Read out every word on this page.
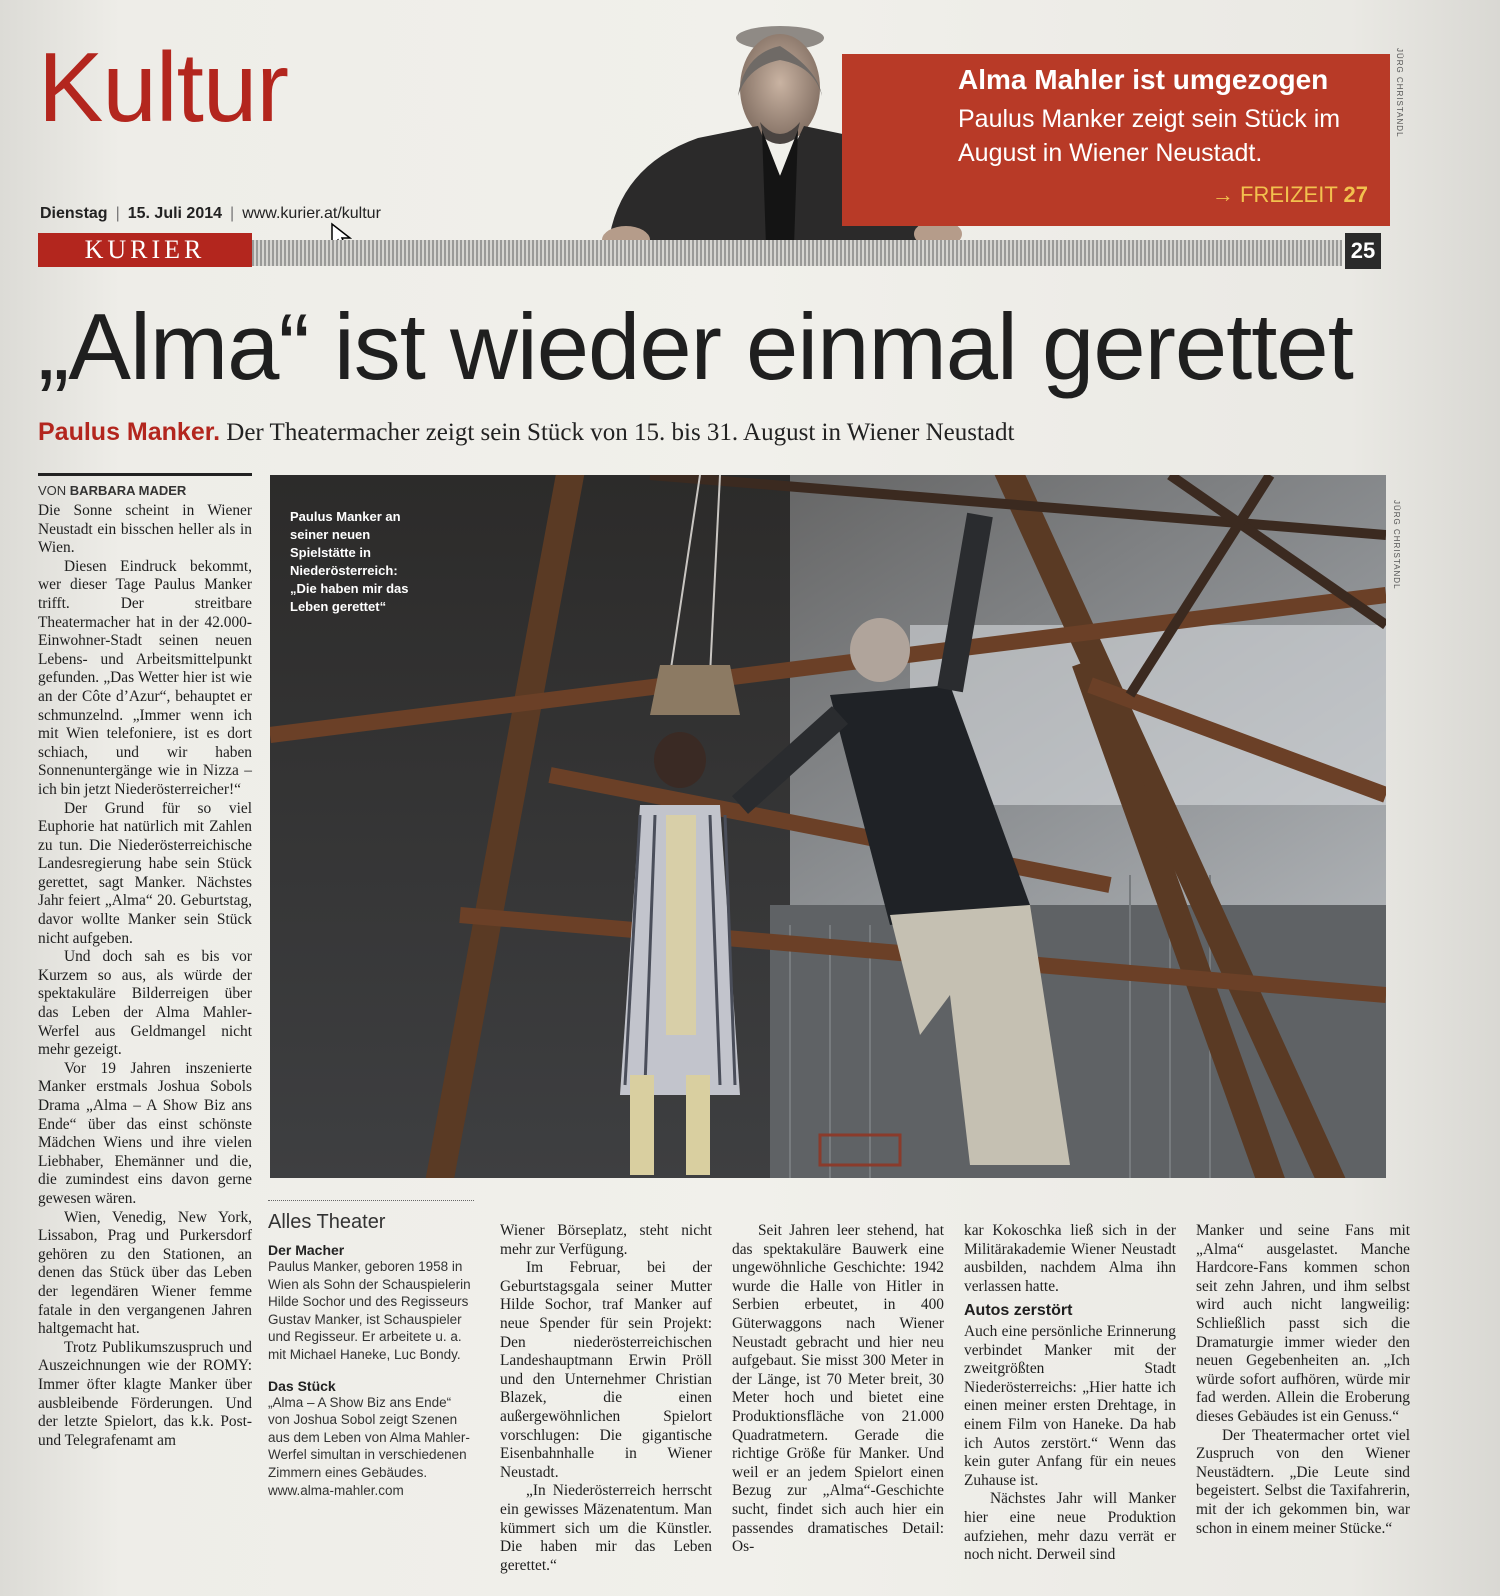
Kultur	Alma Mahler ist umgezogen
Paulus Manker zeigt sein Stück im August in Wiener Neustadt.
→ FREIZEIT 27
JÜRG CHRISTANDL
Dienstag | 15. Juli 2014 | www.kurier.at/kultur
KURIER	25
„Alma“ ist wieder einmal gerettet
Paulus Manker. Der Theatermacher zeigt sein Stück von 15. bis 31. August in Wiener Neustadt
VON BARBARA MADER

Die Sonne scheint in Wiener Neustadt ein bisschen heller als in Wien.

Diesen Eindruck bekommt, wer dieser Tage Paulus Manker trifft. Der streitbare Theatermacher hat in der 42.000-Einwohner-Stadt seinen neuen Lebens- und Arbeitsmittelpunkt gefunden. „Das Wetter hier ist wie an der Côte d’Azur“, behauptet er schmunzelnd. „Immer wenn ich mit Wien telefoniere, ist es dort schiach, und wir haben Sonnenuntergänge wie in Nizza – ich bin jetzt Niederösterreicher!“

Der Grund für so viel Euphorie hat natürlich mit Zahlen zu tun. Die Niederösterreichische Landesregierung habe sein Stück gerettet, sagt Manker. Nächstes Jahr feiert „Alma“ 20. Geburtstag, davor wollte Manker sein Stück nicht aufgeben.

Und doch sah es bis vor Kurzem so aus, als würde der spektakuläre Bilderreigen über das Leben der Alma Mahler-Werfel aus Geldmangel nicht mehr gezeigt.

Vor 19 Jahren inszenierte Manker erstmals Joshua Sobols Drama „Alma – A Show Biz ans Ende“ über das einst schönste Mädchen Wiens und ihre vielen Liebhaber, Ehemänner und die, die zumindest eins davon gerne gewesen wären.

Wien, Venedig, New York, Lissabon, Prag und Purkersdorf gehören zu den Stationen, an denen das Stück über das Leben der legendären Wiener femme fatale in den vergangenen Jahren haltgemacht hat.

Trotz Publikumszuspruch und Auszeichnungen wie der ROMY: Immer öfter klagte Manker über ausbleibende Förderungen. Und der letzte Spielort, das k.k. Post- und Telegrafenamt am

Paulus Manker an seiner neuen Spielstätte in Niederösterreich: „Die haben mir das Leben gerettet“
JÜRG CHRISTANDL
Alles Theater
Der Macher
Paulus Manker, geboren 1958 in Wien als Sohn der Schauspielerin Hilde Sochor und des Regisseurs Gustav Manker, ist Schauspieler und Regisseur. Er arbeitete u. a. mit Michael Haneke, Luc Bondy.
Das Stück
„Alma – A Show Biz ans Ende“ von Joshua Sobol zeigt Szenen aus dem Leben von Alma Mahler-Werfel simultan in verschiedenen Zimmern eines Gebäudes. www.alma-mahler.com

Wiener Börseplatz, steht nicht mehr zur Verfügung.

Im Februar, bei der Geburtstagsgala seiner Mutter Hilde Sochor, traf Manker auf neue Spender für sein Projekt: Den niederösterreichischen Landeshauptmann Erwin Pröll und den Unternehmer Christian Blazek, die einen außergewöhnlichen Spielort vorschlugen: Die gigantische Eisenbahnhalle in Wiener Neustadt.

„In Niederösterreich herrscht ein gewisses Mäzenatentum. Man kümmert sich um die Künstler. Die haben mir das Leben gerettet.“

Seit Jahren leer stehend, hat das spektakuläre Bauwerk eine ungewöhnliche Geschichte: 1942 wurde die Halle von Hitler in Serbien erbeutet, in 400 Güterwaggons nach Wiener Neustadt gebracht und hier neu aufgebaut. Sie misst 300 Meter in der Länge, ist 70 Meter breit, 30 Meter hoch und bietet eine Produktionsfläche von 21.000 Quadratmetern. Gerade die richtige Größe für Manker. Und weil er an jedem Spielort einen Bezug zur „Alma“-Geschichte sucht, findet sich auch hier ein passendes dramatisches Detail: Os-

kar Kokoschka ließ sich in der Militärakademie Wiener Neustadt ausbilden, nachdem Alma ihn verlassen hatte.

Autos zerstört

Auch eine persönliche Erinnerung verbindet Manker mit der zweitgrößten Stadt Niederösterreichs: „Hier hatte ich einen meiner ersten Drehtage, in einem Film von Haneke. Da hab ich Autos zerstört.“ Wenn das kein guter Anfang für ein neues Zuhause ist.

Nächstes Jahr will Manker hier eine neue Produktion aufziehen, mehr dazu verrät er noch nicht. Derweil sind

Manker und seine Fans mit „Alma“ ausgelastet. Manche Hardcore-Fans kommen schon seit zehn Jahren, und ihm selbst wird auch nicht langweilig: Schließlich passt sich die Dramaturgie immer wieder den neuen Gegebenheiten an. „Ich würde sofort aufhören, würde mir fad werden. Allein die Eroberung dieses Gebäudes ist ein Genuss.“

Der Theatermacher ortet viel Zuspruch von den Wiener Neustädtern. „Die Leute sind begeistert. Selbst die Taxifahrerin, mit der ich gekommen bin, war schon in einem meiner Stücke.“
